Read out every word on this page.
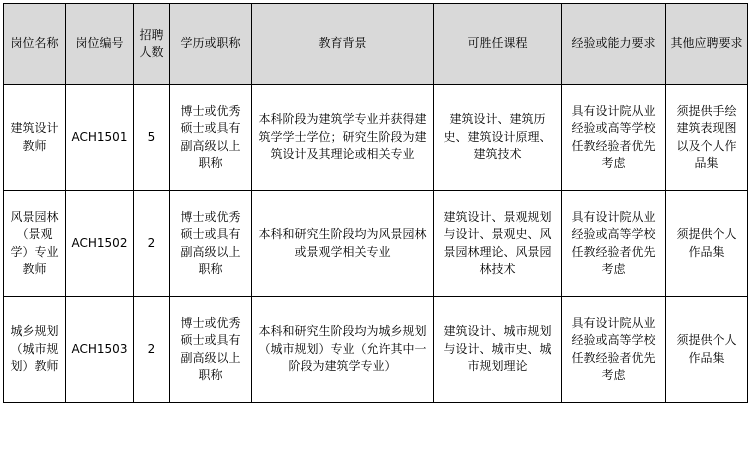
岗位名称	岗位编号	招聘人数	学历或职称	教育背景	可胜任课程	经验或能力要求	其他应聘要求
建筑设计教师	ACH1501	5	博士或优秀硕士或具有副高级以上职称	本科阶段为建筑学专业并获得建筑学学士学位；研究生阶段为建筑设计及其理论或相关专业	建筑设计、建筑历史、建筑设计原理、建筑技术	具有设计院从业经验或高等学校任教经验者优先考虑	须提供手绘建筑表现图以及个人作品集
风景园林（景观学）专业教师	ACH1502	2	博士或优秀硕士或具有副高级以上职称	本科和研究生阶段均为风景园林或景观学相关专业	建筑设计、景观规划与设计、景观史、风景园林理论、风景园林技术	具有设计院从业经验或高等学校任教经验者优先考虑	须提供个人作品集
城乡规划（城市规划）教师	ACH1503	2	博士或优秀硕士或具有副高级以上职称	本科和研究生阶段均为城乡规划（城市规划）专业（允许其中一阶段为建筑学专业）	建筑设计、城市规划与设计、城市史、城市规划理论	具有设计院从业经验或高等学校任教经验者优先考虑	须提供个人作品集
